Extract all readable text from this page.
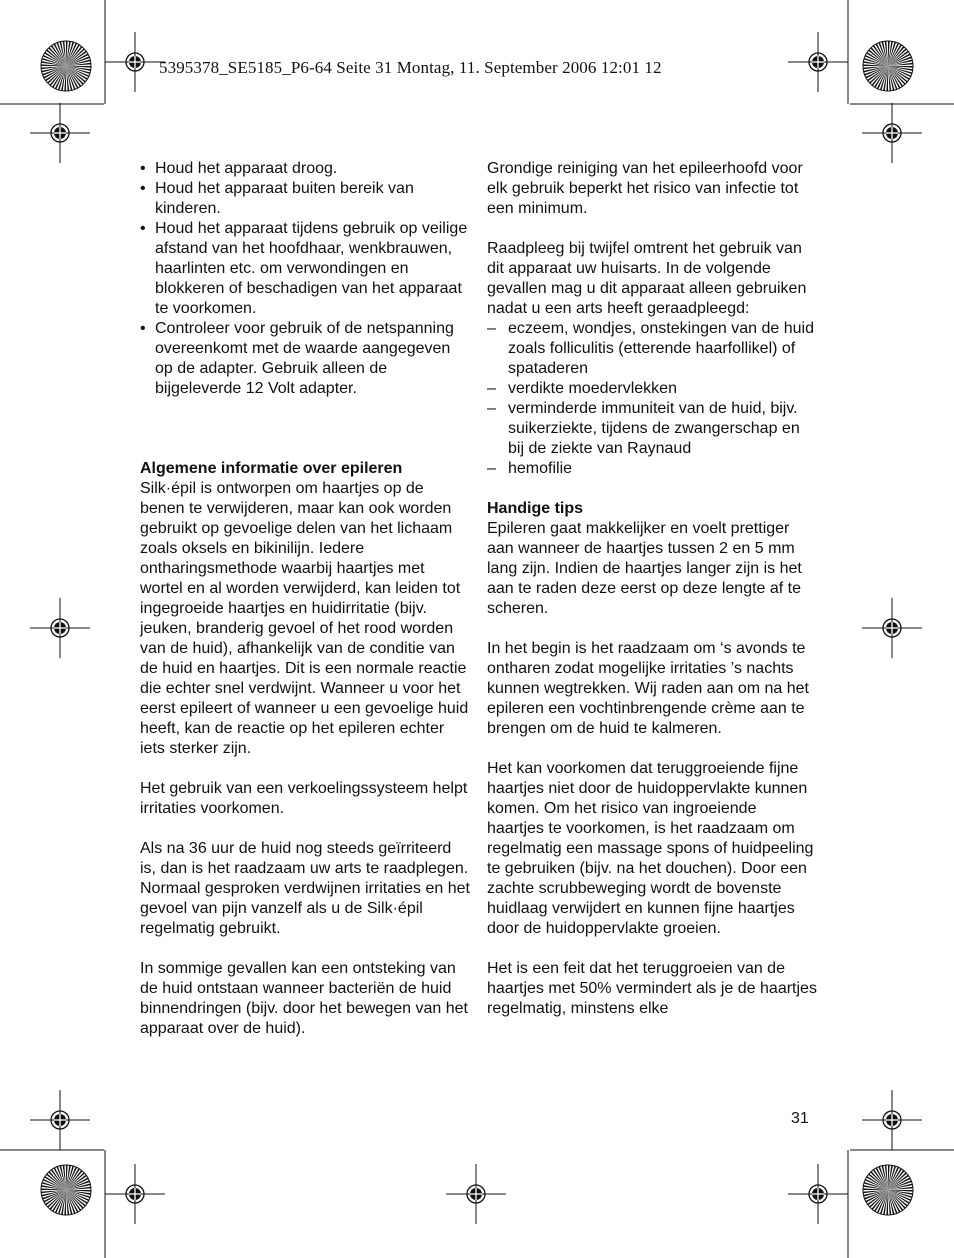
5395378_SE5185_P6-64 Seite 31 Montag, 11. September 2006 12:01 12

• Houd het apparaat droog.

• Houd het apparaat buiten bereik van kinderen.

• Houd het apparaat tijdens gebruik op veilige afstand van het hoofdhaar, wenkbrauwen, haarlinten etc. om verwondingen en blokkeren of beschadigen van het apparaat te voorkomen.

• Controleer voor gebruik of de netspanning overeenkomt met de waarde aangegeven op de adapter. Gebruik alleen de bijgeleverde 12 Volt adapter.

Algemene informatie over epileren

Silk·épil is ontworpen om haartjes op de benen te verwijderen, maar kan ook worden gebruikt op gevoelige delen van het lichaam zoals oksels en bikinilijn. Iedere ontharingsmethode waarbij haartjes met wortel en al worden verwijderd, kan leiden tot ingegroeide haartjes en huidirritatie (bijv. jeuken, branderig gevoel of het rood worden van de huid), afhankelijk van de conditie van de huid en haartjes. Dit is een normale reactie die echter snel verdwijnt. Wanneer u voor het eerst epileert of wanneer u een gevoelige huid heeft, kan de reactie op het epileren echter iets sterker zijn.

Het gebruik van een verkoelingssysteem helpt irritaties voorkomen.

Als na 36 uur de huid nog steeds geïrriteerd is, dan is het raadzaam uw arts te raadplegen. Normaal gesproken verdwijnen irritaties en het gevoel van pijn vanzelf als u de Silk·épil regelmatig gebruikt.

In sommige gevallen kan een ontsteking van de huid ontstaan wanneer bacteriën de huid binnendringen (bijv. door het bewegen van het apparaat over de huid).

Grondige reiniging van het epileerhoofd voor elk gebruik beperkt het risico van infectie tot een minimum.

Raadpleeg bij twijfel omtrent het gebruik van dit apparaat uw huisarts. In de volgende gevallen mag u dit apparaat alleen gebruiken nadat u een arts heeft geraadpleegd:

– eczeem, wondjes, onstekingen van de huid zoals folliculitis (etterende haarfollikel) of spataderen

– verdikte moedervlekken

– verminderde immuniteit van de huid, bijv. suikerziekte, tijdens de zwangerschap en bij de ziekte van Raynaud

– hemofilie

Handige tips

Epileren gaat makkelijker en voelt prettiger aan wanneer de haartjes tussen 2 en 5 mm lang zijn. Indien de haartjes langer zijn is het aan te raden deze eerst op deze lengte af te scheren.

In het begin is het raadzaam om ‘s avonds te ontharen zodat mogelijke irritaties ’s nachts kunnen wegtrekken. Wij raden aan om na het epileren een vochtinbrengende crème aan te brengen om de huid te kalmeren.

Het kan voorkomen dat teruggroeiende fijne haartjes niet door de huidoppervlakte kunnen komen. Om het risico van ingroeiende haartjes te voorkomen, is het raadzaam om regelmatig een massage spons of huidpeeling te gebruiken (bijv. na het douchen). Door een zachte scrubbeweging wordt de bovenste huidlaag verwijdert en kunnen fijne haartjes door de huidoppervlakte groeien.

Het is een feit dat het teruggroeien van de haartjes met 50% vermindert als je de haartjes regelmatig, minstens elke

31
